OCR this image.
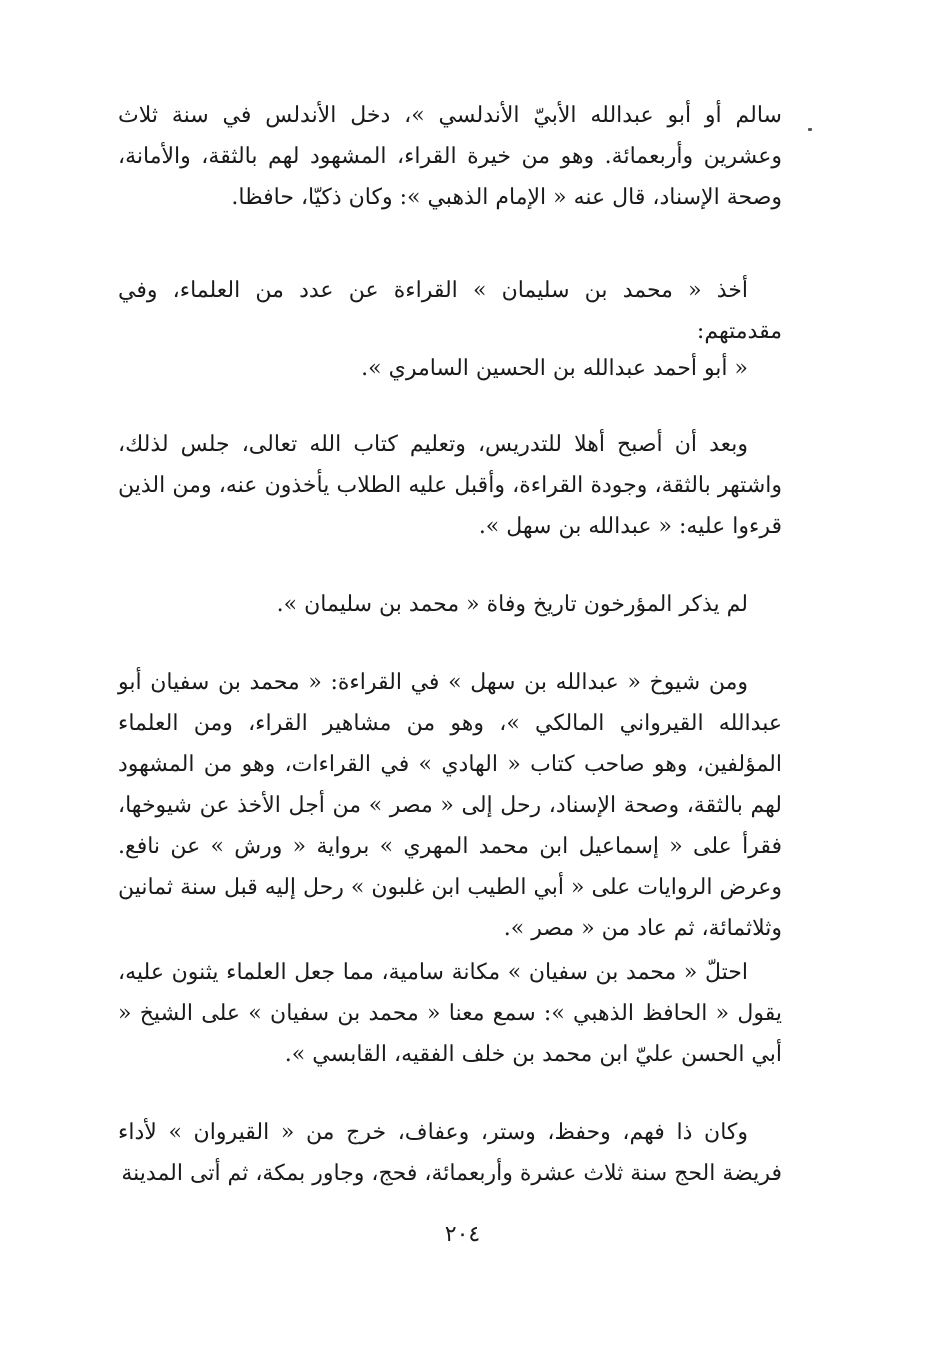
سالم أو أبو عبدالله الأبيّ الأندلسي »، دخل الأندلس في سنة ثلاث وعشرين وأربعمائة. وهو من خيرة القراء، المشهود لهم بالثقة، والأمانة، وصحة الإسناد، قال عنه « الإمام الذهبي »: وكان ذكيّا، حافظا.

أخذ « محمد بن سليمان » القراءة عن عدد من العلماء، وفي مقدمتهم:

« أبو أحمد عبدالله بن الحسين السامري ».

وبعد أن أصبح أهلا للتدريس، وتعليم كتاب الله تعالى، جلس لذلك، واشتهر بالثقة، وجودة القراءة، وأقبل عليه الطلاب يأخذون عنه، ومن الذين قرءوا عليه: « عبدالله بن سهل ».

لم يذكر المؤرخون تاريخ وفاة « محمد بن سليمان ».

ومن شيوخ « عبدالله بن سهل » في القراءة: « محمد بن سفيان أبو عبدالله القيرواني المالكي »، وهو من مشاهير القراء، ومن العلماء المؤلفين، وهو صاحب كتاب « الهادي » في القراءات، وهو من المشهود لهم بالثقة، وصحة الإسناد، رحل إلى « مصر » من أجل الأخذ عن شيوخها، فقرأ على « إسماعيل ابن محمد المهري » برواية « ورش » عن نافع. وعرض الروايات على « أبي الطيب ابن غلبون » رحل إليه قبل سنة ثمانين وثلاثمائة، ثم عاد من « مصر ».

احتلّ « محمد بن سفيان » مكانة سامية، مما جعل العلماء يثنون عليه، يقول « الحافظ الذهبي »: سمع معنا « محمد بن سفيان » على الشيخ « أبي الحسن عليّ ابن محمد بن خلف الفقيه، القابسي ».

وكان ذا فهم، وحفظ، وستر، وعفاف، خرج من « القيروان » لأداء فريضة الحج سنة ثلاث عشرة وأربعمائة، فحج، وجاور بمكة، ثم أتى المدينة

٢٠٤
